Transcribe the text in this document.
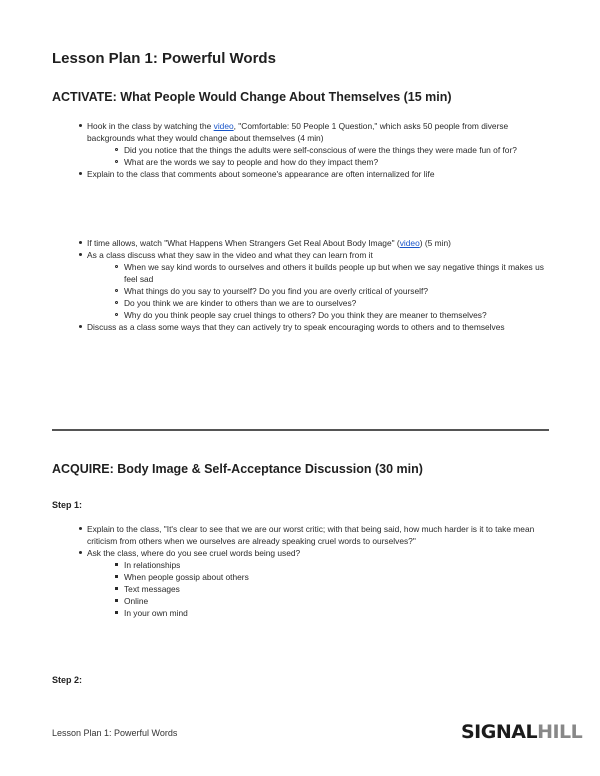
Lesson Plan 1: Powerful Words
ACTIVATE: What People Would Change About Themselves (15 min)
Hook in the class by watching the video, "Comfortable: 50 People 1 Question," which asks 50 people from diverse backgrounds what they would change about themselves (4 min)
Did you notice that the things the adults were self-conscious of were the things they were made fun of for?
What are the words we say to people and how do they impact them?
Explain to the class that comments about someone's appearance are often internalized for life
If time allows, watch "What Happens When Strangers Get Real About Body Image" (video) (5 min)
As a class discuss what they saw in the video and what they can learn from it
When we say kind words to ourselves and others it builds people up but when we say negative things it makes us feel sad
What things do you say to yourself? Do you find you are overly critical of yourself?
Do you think we are kinder to others than we are to ourselves?
Why do you think people say cruel things to others? Do you think they are meaner to themselves?
Discuss as a class some ways that they can actively try to speak encouraging words to others and to themselves
ACQUIRE: Body Image & Self-Acceptance Discussion (30 min)
Step 1:
Explain to the class, "It's clear to see that we are our worst critic; with that being said, how much harder is it to take mean criticism from others when we ourselves are already speaking cruel words to ourselves?"
Ask the class, where do you see cruel words being used?
In relationships
When people gossip about others
Text messages
Online
In your own mind
Step 2:
Lesson Plan 1: Powerful Words	SIGNAL HILL
